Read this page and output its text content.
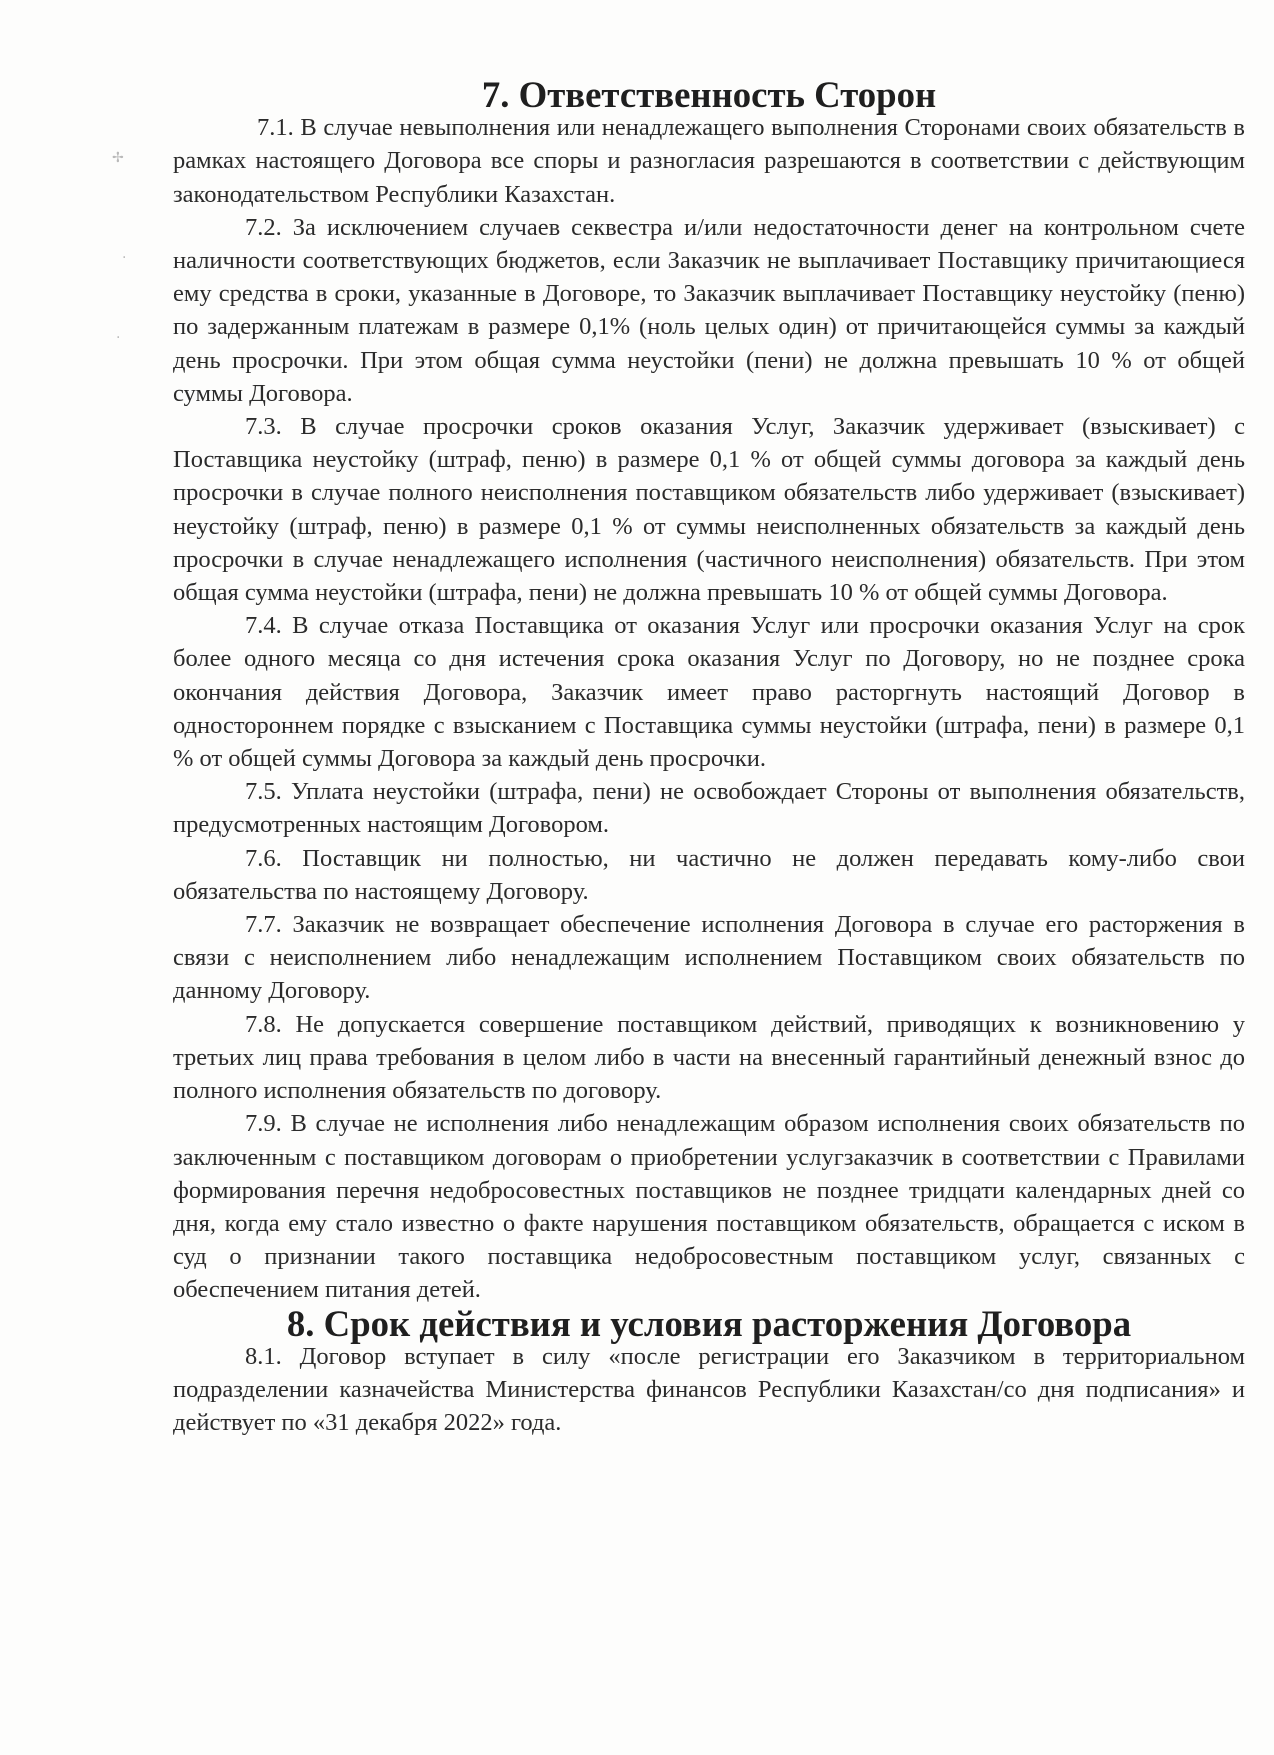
✢
·
·
7. Ответственность Сторон

7.1. В случае невыполнения или ненадлежащего выполнения Сторонами своих обязательств в рамках настоящего Договора все споры и разногласия разрешаются в соответствии с действующим законодательством Республики Казахстан.

7.2. За исключением случаев секвестра и/или недостаточности денег на контрольном счете наличности соответствующих бюджетов, если Заказчик не выплачивает Поставщику причитающиеся ему средства в сроки, указанные в Договоре, то Заказчик выплачивает Поставщику неустойку (пеню) по задержанным платежам в размере 0,1% (ноль целых один) от причитающейся суммы за каждый день просрочки. При этом общая сумма неустойки (пени) не должна превышать 10 % от общей суммы Договора.

7.3. В случае просрочки сроков оказания Услуг, Заказчик удерживает (взыскивает) с Поставщика неустойку (штраф, пеню) в размере 0,1 % от общей суммы договора за каждый день просрочки в случае полного неисполнения поставщиком обязательств либо удерживает (взыскивает) неустойку (штраф, пеню) в размере 0,1 % от суммы неисполненных обязательств за каждый день просрочки в случае ненадлежащего исполнения (частичного неисполнения) обязательств. При этом общая сумма неустойки (штрафа, пени) не должна превышать 10 % от общей суммы Договора.

7.4. В случае отказа Поставщика от оказания Услуг или просрочки оказания Услуг на срок более одного месяца со дня истечения срока оказания Услуг по Договору, но не позднее срока окончания действия Договора, Заказчик имеет право расторгнуть настоящий Договор в одностороннем порядке с взысканием с Поставщика суммы неустойки (штрафа, пени) в размере 0,1 % от общей суммы Договора за каждый день просрочки.

7.5. Уплата неустойки (штрафа, пени) не освобождает Стороны от выполнения обязательств, предусмотренных настоящим Договором.

7.6. Поставщик ни полностью, ни частично не должен передавать кому-либо свои обязательства по настоящему Договору.

7.7. Заказчик не возвращает обеспечение исполнения Договора в случае его расторжения в связи с неисполнением либо ненадлежащим исполнением Поставщиком своих обязательств по данному Договору.

7.8. Не допускается совершение поставщиком действий, приводящих к возникновению у третьих лиц права требования в целом либо в части на внесенный гарантийный денежный взнос до полного исполнения обязательств по договору.

7.9. В случае не исполнения либо ненадлежащим образом исполнения своих обязательств по заключенным с поставщиком договорам о приобретении услугзаказчик в соответствии с Правилами формирования перечня недобросовестных поставщиков не позднее тридцати календарных дней со дня, когда ему стало известно о факте нарушения поставщиком обязательств, обращается с иском в суд о признании такого поставщика недобросовестным поставщиком услуг, связанных с обеспечением питания детей.

8. Срок действия и условия расторжения Договора

8.1. Договор вступает в силу «после регистрации его Заказчиком в территориальном подразделении казначейства Министерства финансов Республики Казахстан/со дня подписания» и действует по «31 декабря 2022» года.
